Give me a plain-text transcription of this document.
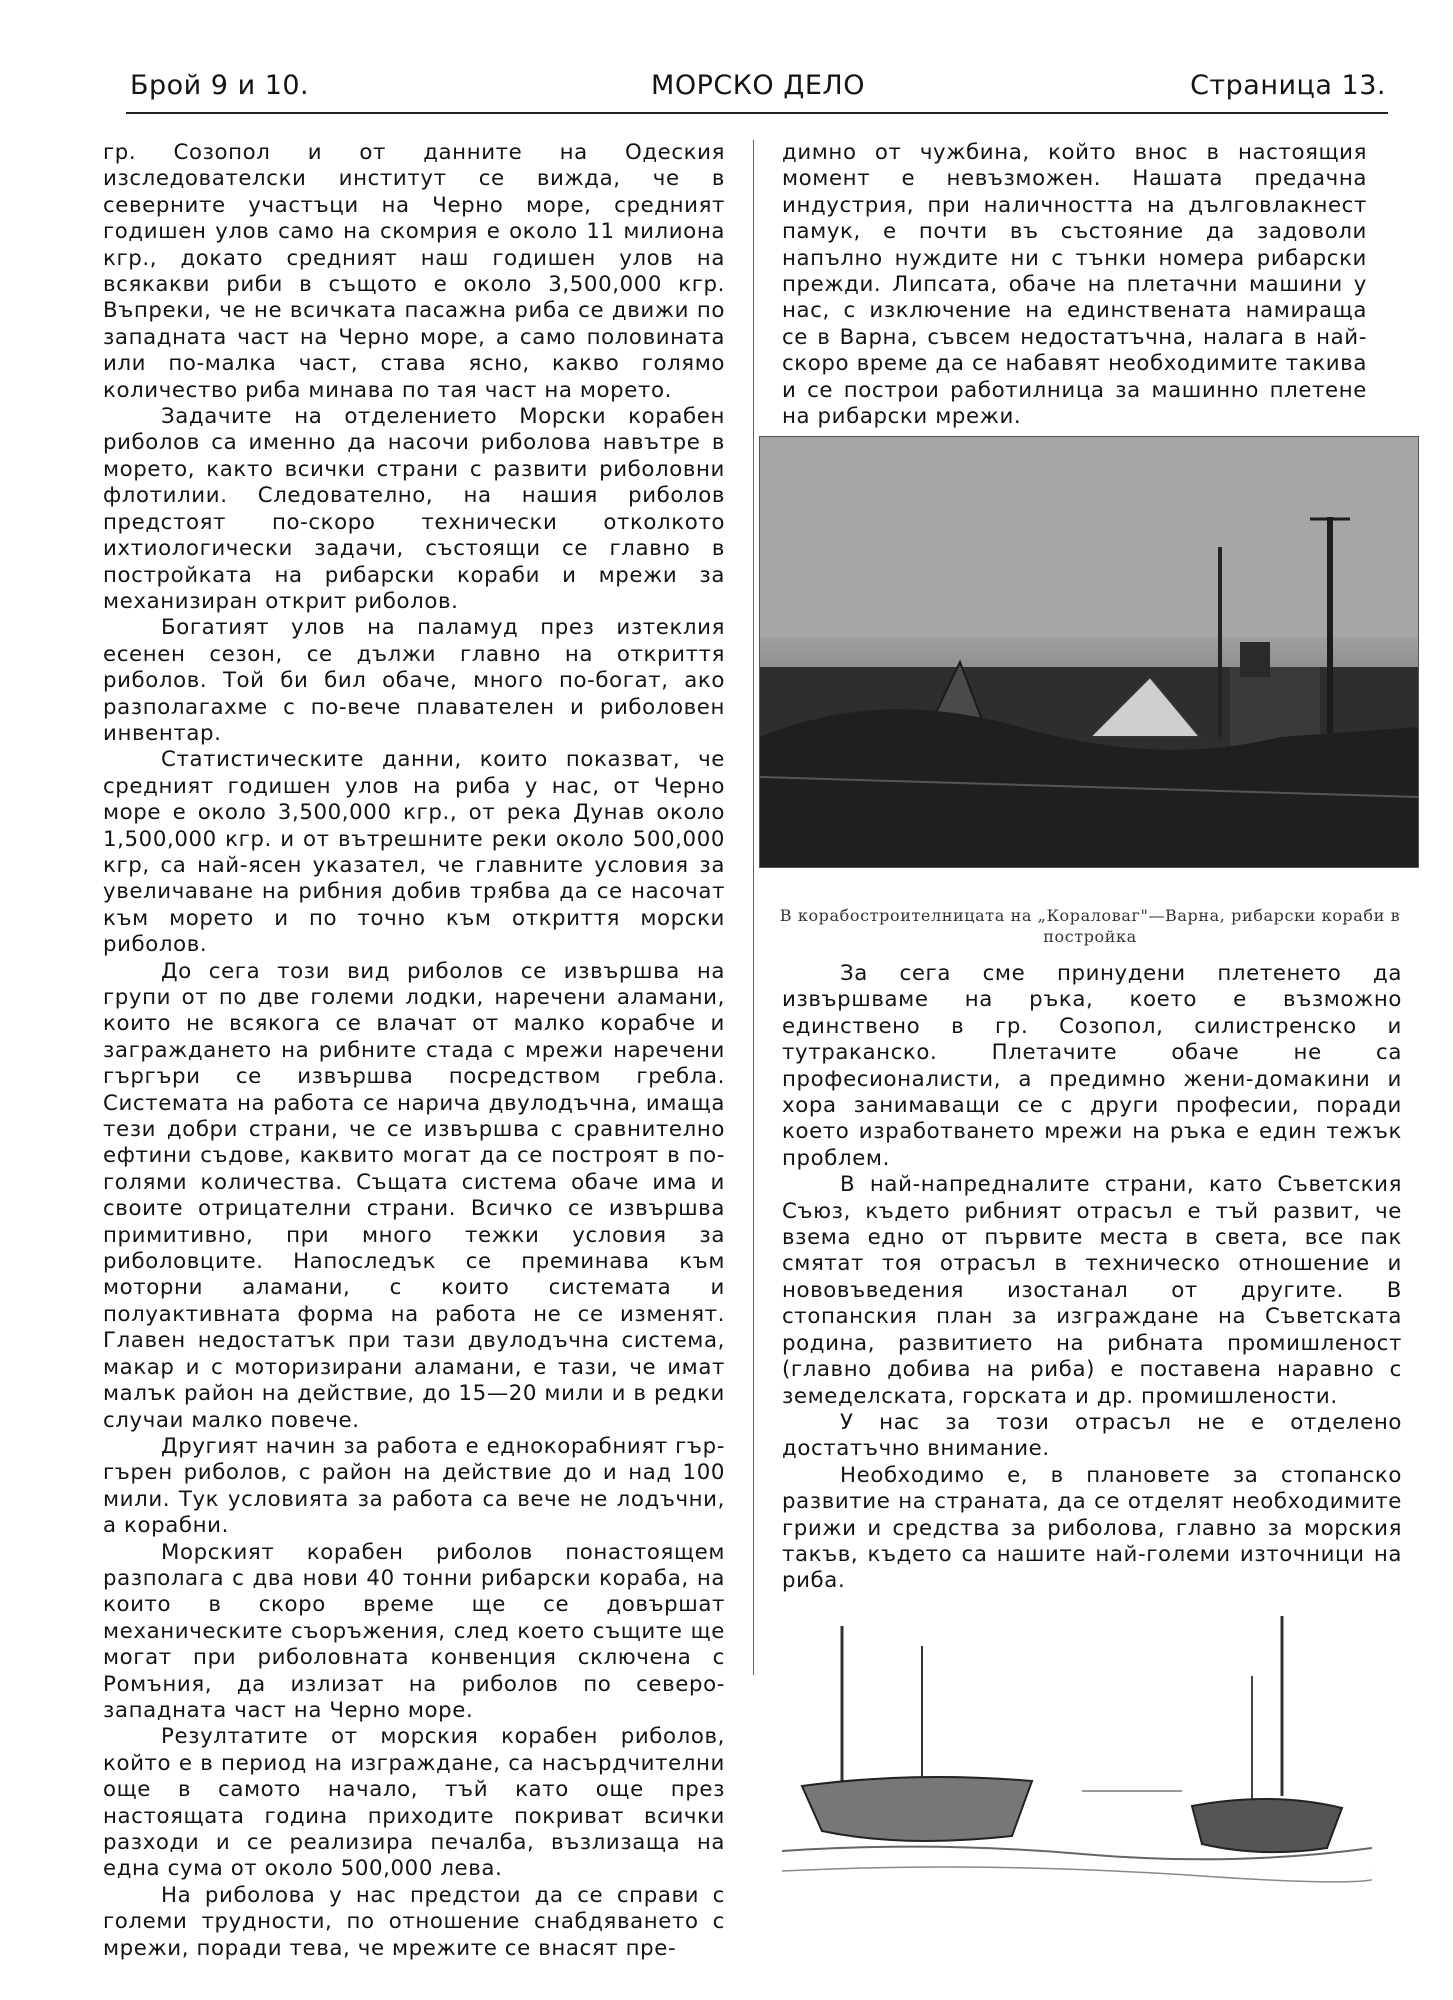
Брой 9 и 10.	МОРСКО ДЕЛО	Страница 13.

гр. Созопол и от данните на Одеския изследователски институт се вижда, че в северните участъци на Черно море, средният годишен улов само на скомрия е около 11 милиона кгр., докато средният наш годишен улов на всякакви риби в същото е около 3,500,000 кгр. Въпреки, че не всичката пасажна риба се движи по западната част на Черно море, а само половината или по-малка част, става ясно, какво голямо количество риба минава по тая част на морето.

Задачите на отделението Морски корабен риболов са именно да насочи риболова навътре в морето, както всички страни с развити риболовни флотилии. Следователно, на нашия риболов предстоят по-скоро технически отколкото ихтиологически задачи, състоящи се главно в постройката на рибарски кораби и мрежи за механизиран открит риболов.

Богатият улов на паламуд през изтеклия есенен сезон, се дължи главно на откриття риболов. Той би бил обаче, много по-богат, ако разполагахме с по-вече плавателен и риболовен инвентар.

Статистическите данни, които показват, че средният годишен улов на риба у нас, от Черно море е около 3,500,000 кгр., от река Дунав около 1,500,000 кгр. и от вътрешните реки около 500,000 кгр, са най-ясен указател, че главните условия за увеличаване на рибния добив трябва да се насочат към морето и по точно към откриття морски риболов.

До сега този вид риболов се извършва на групи от по две големи лодки, наречени аламани, които не всякога се влачат от малко корабче и заграждането на рибните стада с мрежи наречени гъргъри се извършва посредством гребла. Системата на работа се нарича двулодъчна, имаща тези добри страни, че се извършва с сравнително ефтини съдове, каквито могат да се построят в по-голями количества. Същата система обаче има и своите отрицателни страни. Всичко се извършва примитивно, при много тежки условия за риболовците. Напоследък се преминава към моторни аламани, с които системата и полуактивната форма на работа не се изменят. Главен недостатък при тази двулодъчна система, макар и с моторизирани аламани, е тази, че имат малък район на действие, до 15—20 мили и в редки случаи малко повече.

Другият начин за работа е еднокорабният гър-гърен риболов, с район на действие до и над 100 мили. Тук условията за работа са вече не лодъчни, а корабни.

Морският корабен риболов понастоящем разполага с два нови 40 тонни рибарски кораба, на които в скоро време ще се довършат механическите съоръжения, след което същите ще могат при риболовната конвенция сключена с Ромъния, да излизат на риболов по северо-западната част на Черно море.

Резултатите от морския корабен риболов, който е в период на изграждане, са насърдчителни още в самото начало, тъй като още през настоящата година приходите покриват всички разходи и се реализира печалба, възлизаща на една сума от около 500,000 лева.

На риболова у нас предстои да се справи с големи трудности, по отношение снабдяването с мрежи, поради тева, че мрежите се внасят пре-

димно от чужбина, който внос в настоящия момент е невъзможен. Нашата предачна индустрия, при наличността на дълговлакнест памук, е почти въ състояние да задоволи напълно нуждите ни с тънки номера рибарски прежди. Липсата, обаче на плетачни машини у нас, с изключение на единствената намираща се в Варна, съвсем недостатъчна, налага в най-скоро време да се набавят необходимите такива и се построи работилница за машинно плетене на рибарски мрежи.

В корабостроителницата на „Кораловаг"—Варна, рибарски кораби в постройка

За сега сме принудени плетенето да извършваме на ръка, което е възможно единствено в гр. Созопол, силистренско и тутраканско. Плетачите обаче не са професионалисти, а предимно жени-домакини и хора занимаващи се с други професии, поради което изработването мрежи на ръка е един тежък проблем.

В най-напредналите страни, като Съветския Съюз, където рибният отрасъл е тъй развит, че взема едно от първите места в света, все пак смятат тоя отрасъл в техническо отношение и нововъведения изостанал от другите. В стопанския план за изграждане на Съветската родина, развитието на рибната промишленост (главно добива на риба) е поставена наравно с земеделската, горската и др. промишлености.

У нас за този отрасъл не е отделено достатъчно внимание.

Необходимо е, в плановете за стопанско развитие на страната, да се отделят необходимите грижи и средства за риболова, главно за морския такъв, където са нашите най-големи източници на риба.
